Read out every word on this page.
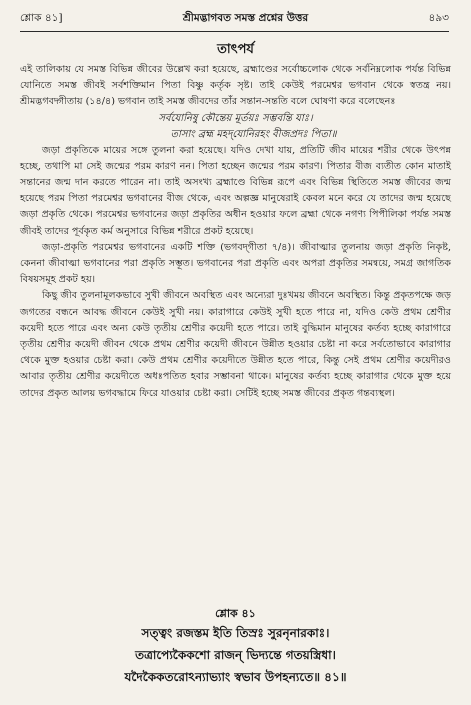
শ্লোক ৪১]	শ্রীমদ্ভাগবত সমস্ত প্রশ্নের উত্তর	৪৯৩
তাৎপর্য

এই তালিকায় যে সমস্ত বিভিন্ন জীবের উল্লেখ করা হয়েছে, ব্রহ্মাণ্ডের সর্বোচ্চলোক থেকে সর্বনিম্নলোক পর্যন্ত বিভিন্ন যোনিতে সমস্ত জীবই সর্বশক্তিমান পিতা বিষ্ণু কর্তৃক সৃষ্ট। তাই কেউই পরমেশ্বর ভগবান থেকে স্বতন্ত্র নয়। শ্রীমদ্ভগবদ্গীতায় (১৪/৪) ভগবান তাই সমস্ত জীবদের তাঁর সন্তান-সন্ততি বলে ঘোষণা করে বলেছেনঃ

সর্বযোনিষু কৌন্তেয় মূর্তয়ঃ সম্ভবন্তি যাঃ।
তাসাং ব্রহ্ম মহদ্‌যোনিরহং বীজপ্রদঃ পিতা॥

জড়া প্রকৃতিকে মায়ের সঙ্গে তুলনা করা হয়েছে। যদিও দেখা যায়, প্রতিটি জীব মায়ের শরীর থেকে উৎপন্ন হচ্ছে, তথাপি মা সেই জন্মের পরম কারণ নন। পিতা হচ্ছেন জন্মের পরম কারণ। পিতার বীজ ব্যতীত কোন মাতাই সন্তানের জন্ম দান করতে পারেন না। তাই অসংখ্য ব্রহ্মাণ্ডে বিভিন্ন রূপে এবং বিভিন্ন স্থিতিতে সমস্ত জীবের জন্ম হয়েছে পরম পিতা পরমেশ্বর ভগবানের বীজ থেকে, এবং অল্পজ্ঞ মানুষেরাই কেবল মনে করে যে তাদের জন্ম হয়েছে জড়া প্রকৃতি থেকে। পরমেশ্বর ভগবানের জড়া প্রকৃতির অধীন হওয়ার ফলে ব্রহ্মা থেকে নগণ্য পিপীলিকা পর্যন্ত সমস্ত জীবই তাদের পূর্বকৃত কর্ম অনুসারে বিভিন্ন শরীরে প্রকট হয়েছে।

জড়া-প্রকৃতি পরমেশ্বর ভগবানের একটি শক্তি (ভগবদ্‌গীতা ৭/৪)। জীবাত্মার তুলনায় জড়া প্রকৃতি নিকৃষ্ট, কেননা জীবাত্মা ভগবানের পরা প্রকৃতি সম্ভূত। ভগবানের পরা প্রকৃতি এবং অপরা প্রকৃতির সমন্বয়ে, সমগ্র জাগতিক বিষয়সমূহ প্রকট হয়।

কিছু জীব তুলনামূলকভাবে সুখী জীবনে অবস্থিত এবং অন্যেরা দুঃখময় জীবনে অবস্থিত। কিন্তু প্রকৃতপক্ষে জড় জগতের বন্ধনে আবদ্ধ জীবনে কেউই সুখী নয়। কারাগারে কেউই সুখী হতে পারে না, যদিও কেউ প্রথম শ্রেণীর কয়েদী হতে পারে এবং অন্য কেউ তৃতীয় শ্রেণীর কয়েদী হতে পারে। তাই বুদ্ধিমান মানুষের কর্তব্য হচ্ছে কারাগারে তৃতীয় শ্রেণীর কয়েদী জীবন থেকে প্রথম শ্রেণীর কয়েদী জীবনে উন্নীত হওয়ার চেষ্টা না করে সর্বতোভাবে কারাগার থেকে মুক্ত হওয়ার চেষ্টা করা। কেউ প্রথম শ্রেণীর কয়েদীতে উন্নীত হতে পারে, কিন্তু সেই প্রথম শ্রেণীর কয়েদীরও আবার তৃতীয় শ্রেণীর কয়েদীতে অধঃপতিত হবার সম্ভাবনা থাকে। মানুষের কর্তব্য হচ্ছে কারাগার থেকে মুক্ত হয়ে তাদের প্রকৃত আলয় ভগবদ্ধামে ফিরে যাওয়ার চেষ্টা করা। সেটিই হচ্ছে সমস্ত জীবের প্রকৃত গন্তব্যস্থল।

শ্লোক ৪১
সত্ত্বং রজস্তম ইতি তিস্রঃ সুরনৃনারকাঃ।
তত্রাপ্যেকৈকশো রাজন্‌ ভিদ্যন্তে গতয়স্ত্রিধা।
যদৈকৈকতরোঽন্যাভ্যাং স্বভাব উপহন্যতে॥ ৪১॥
